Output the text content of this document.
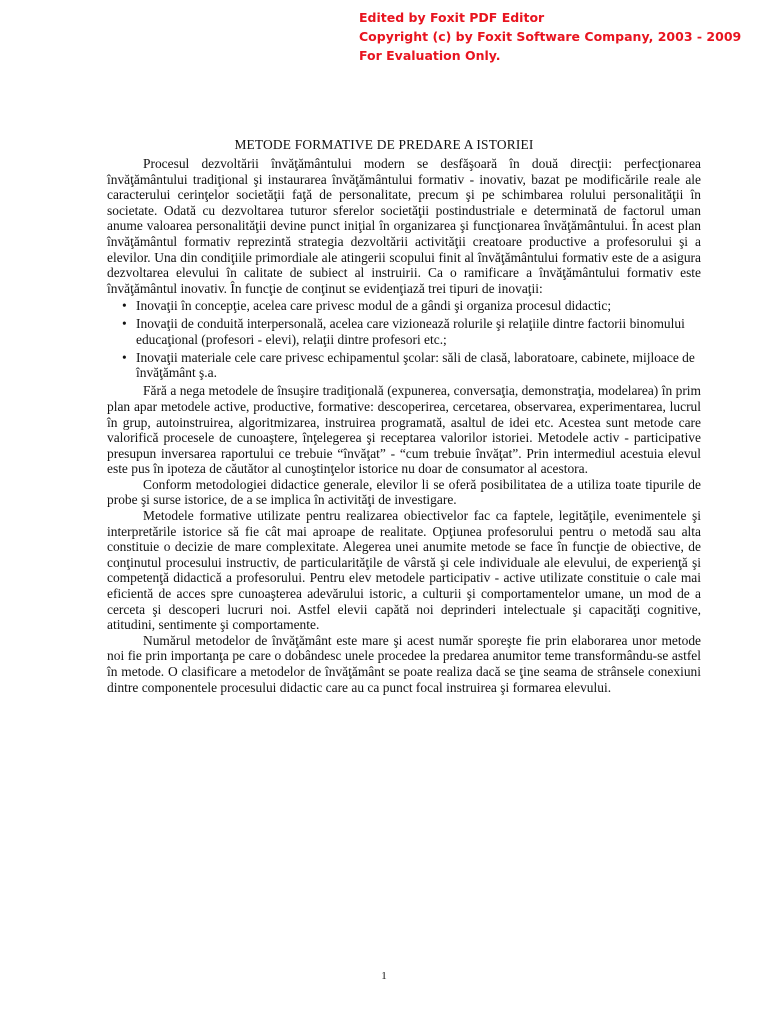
Edited by Foxit PDF Editor
Copyright (c) by Foxit Software Company, 2003 - 2009
For Evaluation Only.
METODE FORMATIVE DE PREDARE A ISTORIEI

Procesul dezvoltării învăţământului modern se desfăşoară în două direcţii: perfecţionarea învăţământului tradiţional şi instaurarea învăţământului formativ - inovativ, bazat pe modificările reale ale caracterului cerinţelor societăţii faţă de personalitate, precum şi pe schimbarea rolului personalităţii în societate. Odată cu dezvoltarea tuturor sferelor societăţii postindustriale e determinată de factorul uman anume valoarea personalităţii devine punct iniţial în organizarea şi funcţionarea învăţământului. În acest plan învăţământul formativ reprezintă strategia dezvoltării activităţii creatoare productive a profesorului şi a elevilor. Una din condiţiile primordiale ale atingerii scopului finit al învăţământului formativ este de a asigura dezvoltarea elevului în calitate de subiect al instruirii. Ca o ramificare a învăţământului formativ este învăţământul inovativ. În funcţie de conţinut se evidenţiază trei tipuri de inovaţii:

• Inovaţii în concepţie, acelea care privesc modul de a gândi şi organiza procesul didactic;
• Inovaţii de conduită interpersonală, acelea care vizionează rolurile şi relaţiile dintre factorii binomului educaţional (profesori - elevi), relaţii dintre profesori etc.;
• Inovaţii materiale cele care privesc echipamentul şcolar: săli de clasă, laboratoare, cabinete, mijloace de învăţământ ş.a.

Fără a nega metodele de însuşire tradiţională (expunerea, conversaţia, demonstraţia, modelarea) în prim plan apar metodele active, productive, formative: descoperirea, cercetarea, observarea, experimentarea, lucrul în grup, autoinstruirea, algoritmizarea, instruirea programată, asaltul de idei etc. Acestea sunt metode care valorifică procesele de cunoaştere, înţelegerea şi receptarea valorilor istoriei. Metodele activ - participative presupun inversarea raportului ce trebuie “învăţat” - “cum trebuie învăţat”. Prin intermediul acestuia elevul este pus în ipoteza de căutător al cunoştinţelor istorice nu doar de consumator al acestora.

Conform metodologiei didactice generale, elevilor li se oferă posibilitatea de a utiliza toate tipurile de probe şi surse istorice, de a se implica în activităţi de investigare.

Metodele formative utilizate pentru realizarea obiectivelor fac ca faptele, legităţile, evenimentele şi interpretările istorice să fie cât mai aproape de realitate. Opţiunea profesorului pentru o metodă sau alta constituie o decizie de mare complexitate. Alegerea unei anumite metode se face în funcţie de obiective, de conţinutul procesului instructiv, de particularităţile de vârstă şi cele individuale ale elevului, de experienţă şi competenţă didactică a profesorului. Pentru elev metodele participativ - active utilizate constituie o cale mai eficientă de acces spre cunoaşterea adevărului istoric, a culturii şi comportamentelor umane, un mod de a cerceta şi descoperi lucruri noi. Astfel elevii capătă noi deprinderi intelectuale şi capacităţi cognitive, atitudini, sentimente şi comportamente.

Numărul metodelor de învăţământ este mare şi acest număr sporeşte fie prin elaborarea unor metode noi fie prin importanţa pe care o dobândesc unele procedee la predarea anumitor teme transformându-se astfel în metode. O clasificare a metodelor de învăţământ se poate realiza dacă se ţine seama de strânsele conexiuni dintre componentele procesului didactic care au ca punct focal instruirea şi formarea elevului.

1
